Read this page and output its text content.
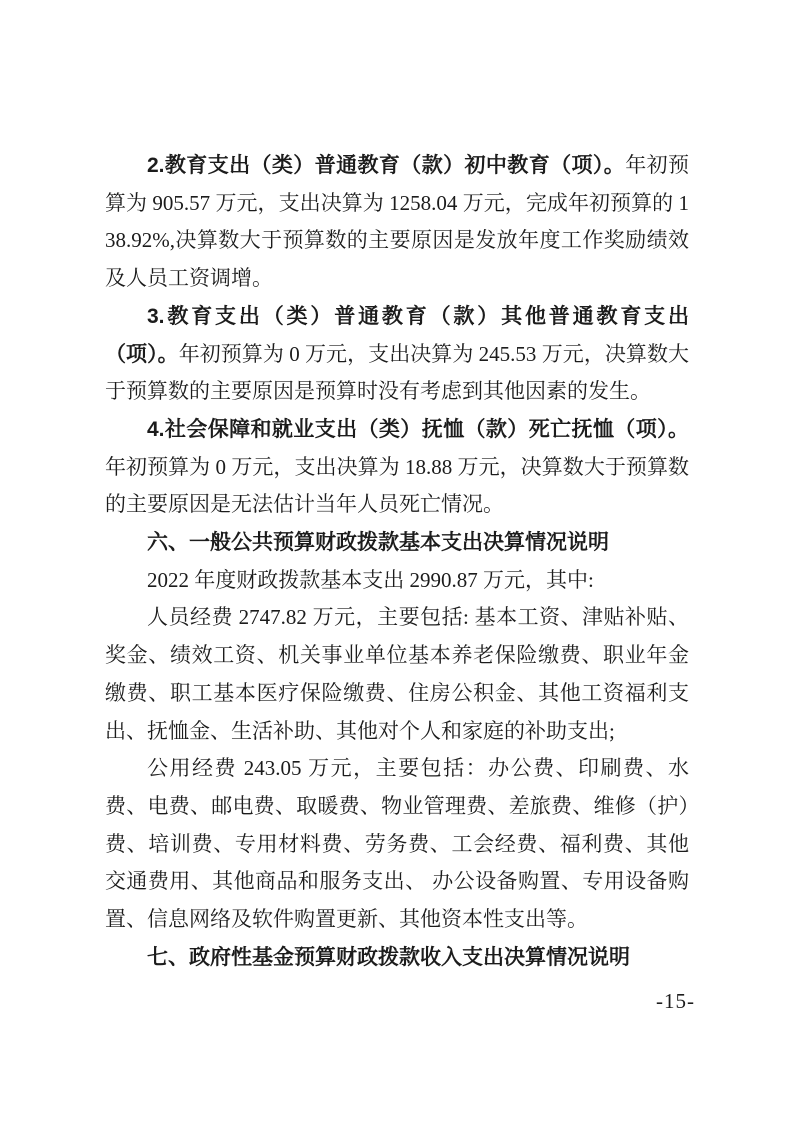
2.教育支出（类）普通教育（款）初中教育（项）。年初预算为 905.57 万元，支出决算为 1258.04 万元，完成年初预算的 138.92%,决算数大于预算数的主要原因是发放年度工作奖励绩效及人员工资调增。

3.教育支出（类）普通教育（款）其他普通教育支出（项）。年初预算为 0 万元，支出决算为 245.53 万元，决算数大于预算数的主要原因是预算时没有考虑到其他因素的发生。

4.社会保障和就业支出（类）抚恤（款）死亡抚恤（项）。年初预算为 0 万元，支出决算为 18.88 万元，决算数大于预算数的主要原因是无法估计当年人员死亡情况。

六、一般公共预算财政拨款基本支出决算情况说明

2022 年度财政拨款基本支出 2990.87 万元，其中:

人员经费 2747.82 万元，主要包括: 基本工资、津贴补贴、奖金、绩效工资、机关事业单位基本养老保险缴费、职业年金缴费、职工基本医疗保险缴费、住房公积金、其他工资福利支出、抚恤金、生活补助、其他对个人和家庭的补助支出;

公用经费 243.05 万元，主要包括：办公费、印刷费、水费、电费、邮电费、取暖费、物业管理费、差旅费、维修（护）费、培训费、专用材料费、劳务费、工会经费、福利费、其他交通费用、其他商品和服务支出、 办公设备购置、专用设备购置、信息网络及软件购置更新、其他资本性支出等。

七、政府性基金预算财政拨款收入支出决算情况说明

-15-
